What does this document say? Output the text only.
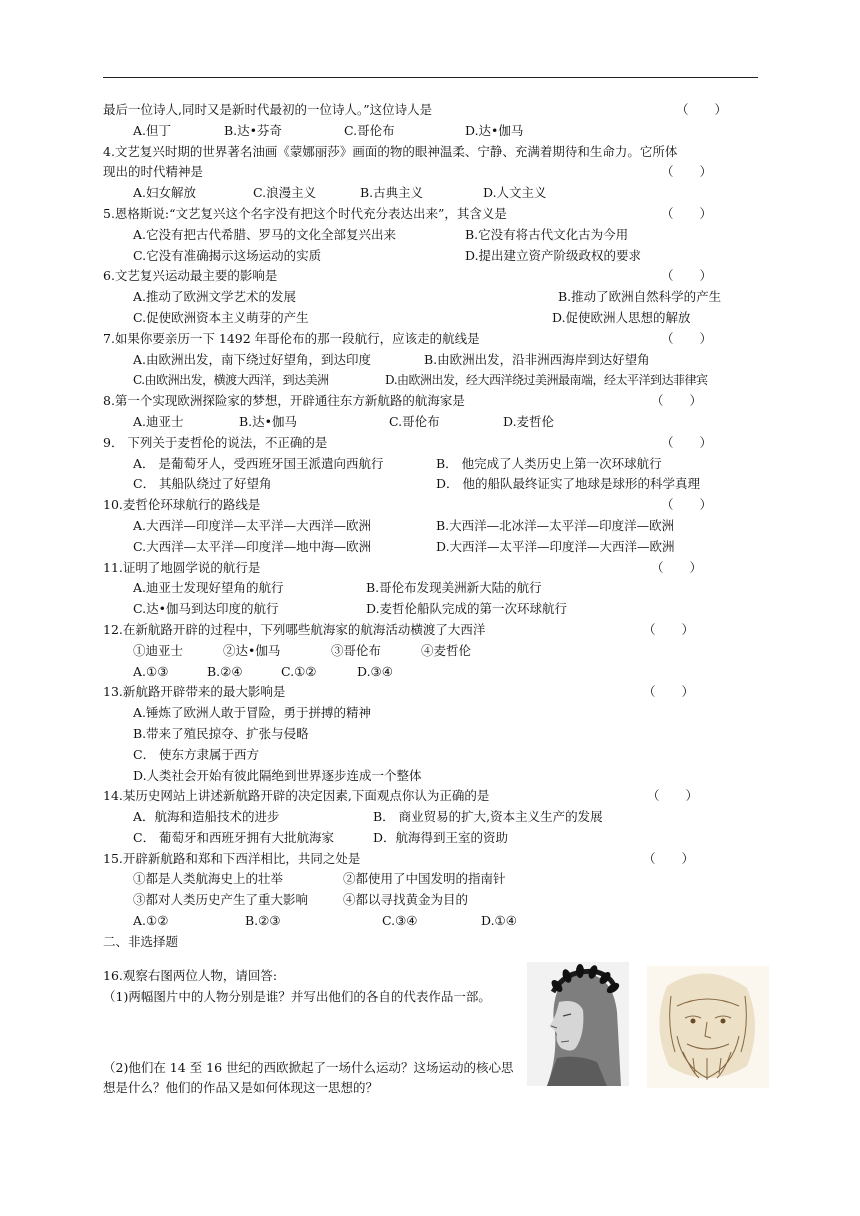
最后一位诗人,同时又是新时代最初的一位诗人。”这位诗人是
（  ）
A.但丁	B.达•芬奇	C.哥伦布	D.达•伽马
4.文艺复兴时期的世界著名油画《蒙娜丽莎》画面的物的眼神温柔、宁静、充满着期待和生命力。它所体
现出的时代精神是
（  ）
A.妇女解放	C.浪漫主义	B.古典主义	D.人文主义
5.恩格斯说:“文艺复兴这个名字没有把这个时代充分表达出来”，其含义是
（  ）
A.它没有把古代希腊、罗马的文化全部复兴出来	B.它没有将古代文化古为今用
C.它没有准确揭示这场运动的实质	D.提出建立资产阶级政权的要求
6.文艺复兴运动最主要的影响是
（  ）
A.推动了欧洲文学艺术的发展	B.推动了欧洲自然科学的产生
C.促使欧洲资本主义萌芽的产生	D.促使欧洲人思想的解放
7.如果你要亲历一下 1492 年哥伦布的那一段航行，应该走的航线是
（  ）
A.由欧洲出发，南下绕过好望角，到达印度	B.由欧洲出发，沿非洲西海岸到达好望角
C.由欧洲出发，横渡大西洋，到达美洲	D.由欧洲出发，经大西洋绕过美洲最南端，经太平洋到达菲律宾
8.第一个实现欧洲探险家的梦想，开辟通往东方新航路的航海家是
（  ）
A.迪亚士	B.达•伽马	C.哥伦布	D.麦哲伦
9． 下列关于麦哲伦的说法，不正确的是
（  ）
A． 是葡萄牙人，受西班牙国王派遣向西航行	B． 他完成了人类历史上第一次环球航行
C． 其船队绕过了好望角	D． 他的船队最终证实了地球是球形的科学真理
10.麦哲伦环球航行的路线是
（  ）
A.大西洋—印度洋—太平洋—大西洋—欧洲	B.大西洋—北冰洋—太平洋—印度洋—欧洲
C.大西洋—太平洋—印度洋—地中海—欧洲	D.大西洋—太平洋—印度洋—大西洋—欧洲
11.证明了地圆学说的航行是
（  ）
A.迪亚士发现好望角的航行	B.哥伦布发现美洲新大陆的航行
C.达•伽马到达印度的航行	D.麦哲伦船队完成的第一次环球航行
12.在新航路开辟的过程中，下列哪些航海家的航海活动横渡了大西洋
（  ）
①迪亚士	②达•伽马	③哥伦布	④麦哲伦
A.①③	B.②④	C.①②	D.③④
13.新航路开辟带来的最大影响是
（  ）
A.锤炼了欧洲人敢于冒险，勇于拼搏的精神
B.带来了殖民掠夺、扩张与侵略
C． 使东方隶属于西方
D.人类社会开始有彼此隔绝到世界逐步连成一个整体
14.某历史网站上讲述新航路开辟的决定因素,下面观点你认为正确的是
（  ）
A．航海和造船技术的进步	B． 商业贸易的扩大,资本主义生产的发展
C． 葡萄牙和西班牙拥有大批航海家	D．航海得到王室的资助
15.开辟新航路和郑和下西洋相比，共同之处是
（  ）
①都是人类航海史上的壮举	②都使用了中国发明的指南针
③都对人类历史产生了重大影响	④都以寻找黄金为目的
A.①②	B.②③	C.③④	D.①④
二、非选择题

16.观察右图两位人物，请回答:

（1)两幅图片中的人物分别是谁？并写出他们的各自的代表作品一部。

（2)他们在 14 至 16 世纪的西欧掀起了一场什么运动？这场运动的核心思想是什么？他们的作品又是如何体现这一思想的？
